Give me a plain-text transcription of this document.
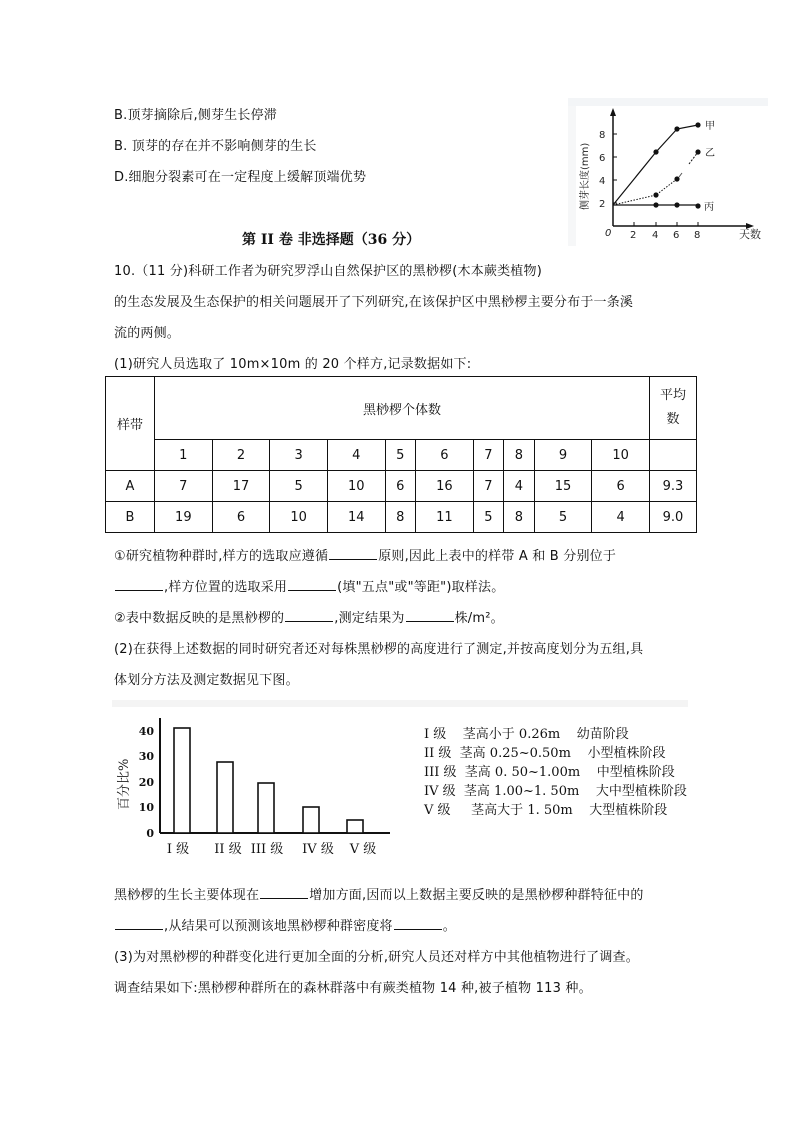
B.顶芽摘除后,侧芽生长停滞
B. 顶芽的存在并不影响侧芽的生长
D.细胞分裂素可在一定程度上缓解顶端优势
0 2 4 6 8
2
4
6
8
天数
侧芽长度(mm)
甲
乙
丙
第 II 卷 非选择题（36 分）
10.（11 分)科研工作者为研究罗浮山自然保护区的黑桫椤(木本蕨类植物)
的生态发展及生态保护的相关问题展开了下列研究,在该保护区中黑桫椤主要分布于一条溪
流的两侧。
(1)研究人员选取了 10m×10m 的 20 个样方,记录数据如下:
样带	黑桫椤个体数										平均
数
	1	2	3	4	5	6	7	8	9	10	
A	7	17	5	10	6	16	7	4	15	6	9.3
B	19	6	10	14	8	11	5	8	5	4	9.0
①研究植物种群时,样方的选取应遵循	原则,因此上表中的样带 A 和 B 分别位于
,样方位置的选取采用	(填"五点"或"等距")取样法。
②表中数据反映的是黑桫椤的	,测定结果为	株/m²。
(2)在获得上述数据的同时研究者还对每株黑桫椤的高度进行了测定,并按高度划分为五组,具
体划分方法及测定数据见下图。
0
10
20
30
40
百分比%
I 级 II 级 III 级 IV 级 V 级
I 级    茎高小于 0.26m    幼苗阶段
II 级  茎高 0.25~0.50m    小型植株阶段
III 级  茎高 0. 50~1.00m    中型植株阶段
IV 级  茎高 1.00~1. 50m    大中型植株阶段
V 级     茎高大于 1. 50m    大型植株阶段
黑桫椤的生长主要体现在	增加方面,因而以上数据主要反映的是黑桫椤种群特征中的
,从结果可以预测该地黑桫椤种群密度将	。
(3)为对黑桫椤的种群变化进行更加全面的分析,研究人员还对样方中其他植物进行了调查。
调查结果如下:黑桫椤种群所在的森林群落中有蕨类植物 14 种,被子植物 113 种。
